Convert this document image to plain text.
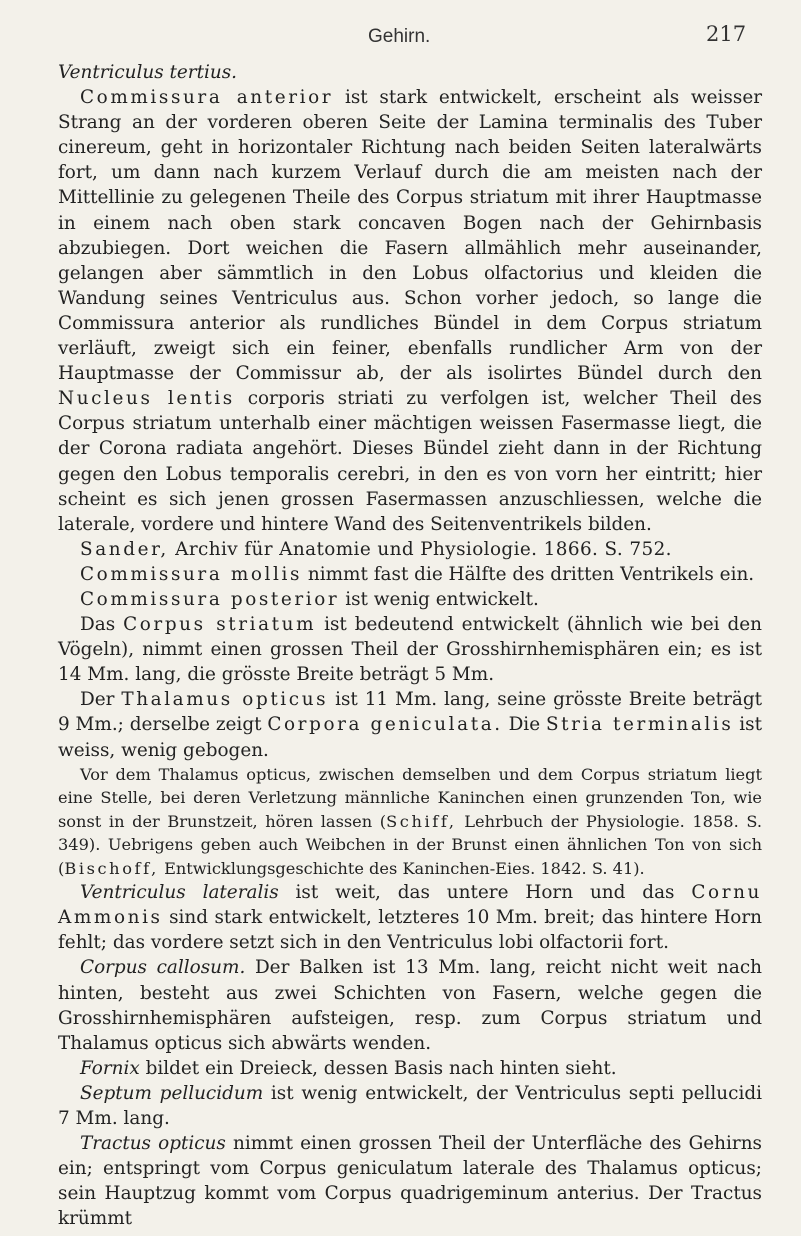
Gehirn.	217

Ventriculus tertius.
Commissura anterior ist stark entwickelt, erscheint als weisser Strang an der vorderen oberen Seite der Lamina terminalis des Tuber cinereum, geht in horizontaler Richtung nach beiden Seiten lateralwärts fort, um dann nach kurzem Verlauf durch die am meisten nach der Mittellinie zu gelegenen Theile des Corpus striatum mit ihrer Hauptmasse in einem nach oben stark concaven Bogen nach der Gehirnbasis abzubiegen. Dort weichen die Fasern allmählich mehr auseinander, gelangen aber sämmtlich in den Lobus olfactorius und kleiden die Wandung seines Ventriculus aus. Schon vorher jedoch, so lange die Commissura anterior als rundliches Bündel in dem Corpus striatum verläuft, zweigt sich ein feiner, ebenfalls rundlicher Arm von der Hauptmasse der Commissur ab, der als isolirtes Bündel durch den Nucleus lentis corporis striati zu verfolgen ist, welcher Theil des Corpus striatum unterhalb einer mächtigen weissen Fasermasse liegt, die der Corona radiata angehört. Dieses Bündel zieht dann in der Richtung gegen den Lobus temporalis cerebri, in den es von vorn her eintritt; hier scheint es sich jenen grossen Fasermassen anzuschliessen, welche die laterale, vordere und hintere Wand des Seitenventrikels bilden.

Sander, Archiv für Anatomie und Physiologie. 1866. S. 752.

Commissura mollis nimmt fast die Hälfte des dritten Ventrikels ein.

Commissura posterior ist wenig entwickelt.

Das Corpus striatum ist bedeutend entwickelt (ähnlich wie bei den Vögeln), nimmt einen grossen Theil der Grosshirnhemisphären ein; es ist 14 Mm. lang, die grösste Breite beträgt 5 Mm.

Der Thalamus opticus ist 11 Mm. lang, seine grösste Breite beträgt 9 Mm.; derselbe zeigt Corpora geniculata. Die Stria terminalis ist weiss, wenig gebogen.

Vor dem Thalamus opticus, zwischen demselben und dem Corpus striatum liegt eine Stelle, bei deren Verletzung männliche Kaninchen einen grunzenden Ton, wie sonst in der Brunstzeit, hören lassen (Schiff, Lehrbuch der Physiologie. 1858. S. 349). Uebrigens geben auch Weibchen in der Brunst einen ähnlichen Ton von sich (Bischoff, Entwicklungsgeschichte des Kaninchen-Eies. 1842. S. 41).

Ventriculus lateralis ist weit, das untere Horn und das Cornu Ammonis sind stark entwickelt, letzteres 10 Mm. breit; das hintere Horn fehlt; das vordere setzt sich in den Ventriculus lobi olfactorii fort.

Corpus callosum. Der Balken ist 13 Mm. lang, reicht nicht weit nach hinten, besteht aus zwei Schichten von Fasern, welche gegen die Grosshirnhemisphären aufsteigen, resp. zum Corpus striatum und Thalamus opticus sich abwärts wenden.

Fornix bildet ein Dreieck, dessen Basis nach hinten sieht.

Septum pellucidum ist wenig entwickelt, der Ventriculus septi pellucidi 7 Mm. lang.

Tractus opticus nimmt einen grossen Theil der Unterfläche des Gehirns ein; entspringt vom Corpus geniculatum laterale des Thalamus opticus; sein Hauptzug kommt vom Corpus quadrigeminum anterius. Der Tractus krümmt
